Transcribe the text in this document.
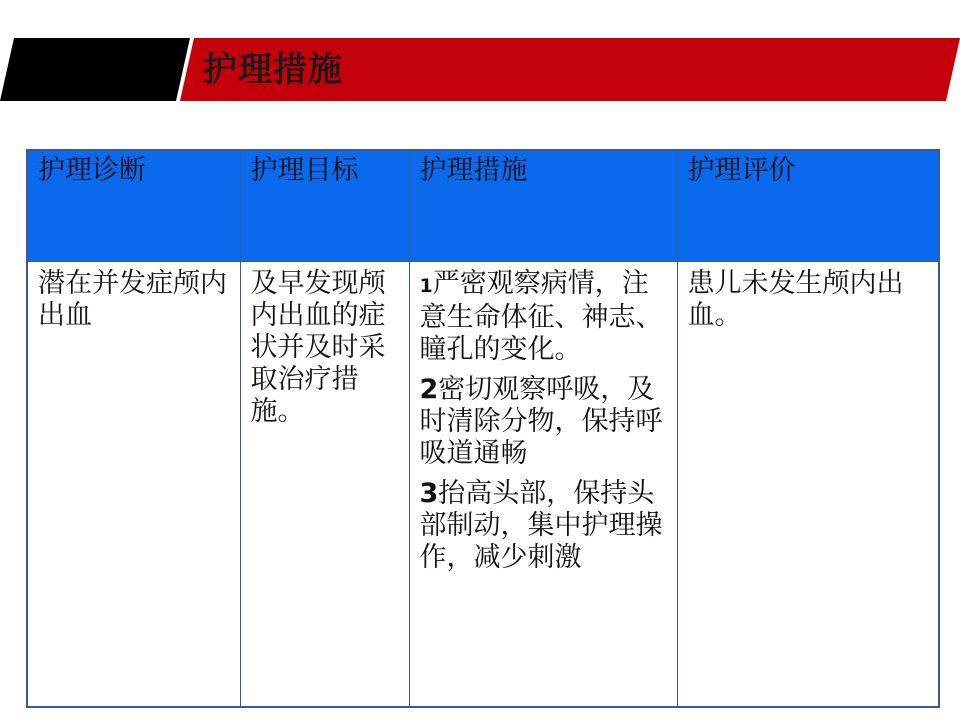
护理措施
护理诊断	护理目标	护理措施	护理评价
潜在并发症颅内出血	及早发现颅内出血的症状并及时采取治疗措施。	1严密观察病情，注意生命体征、神志、瞳孔的变化。
2密切观察呼吸，及时清除分物，保持呼吸道通畅
3抬高头部，保持头部制动，集中护理操作，减少刺激	患儿未发生颅内出血。
